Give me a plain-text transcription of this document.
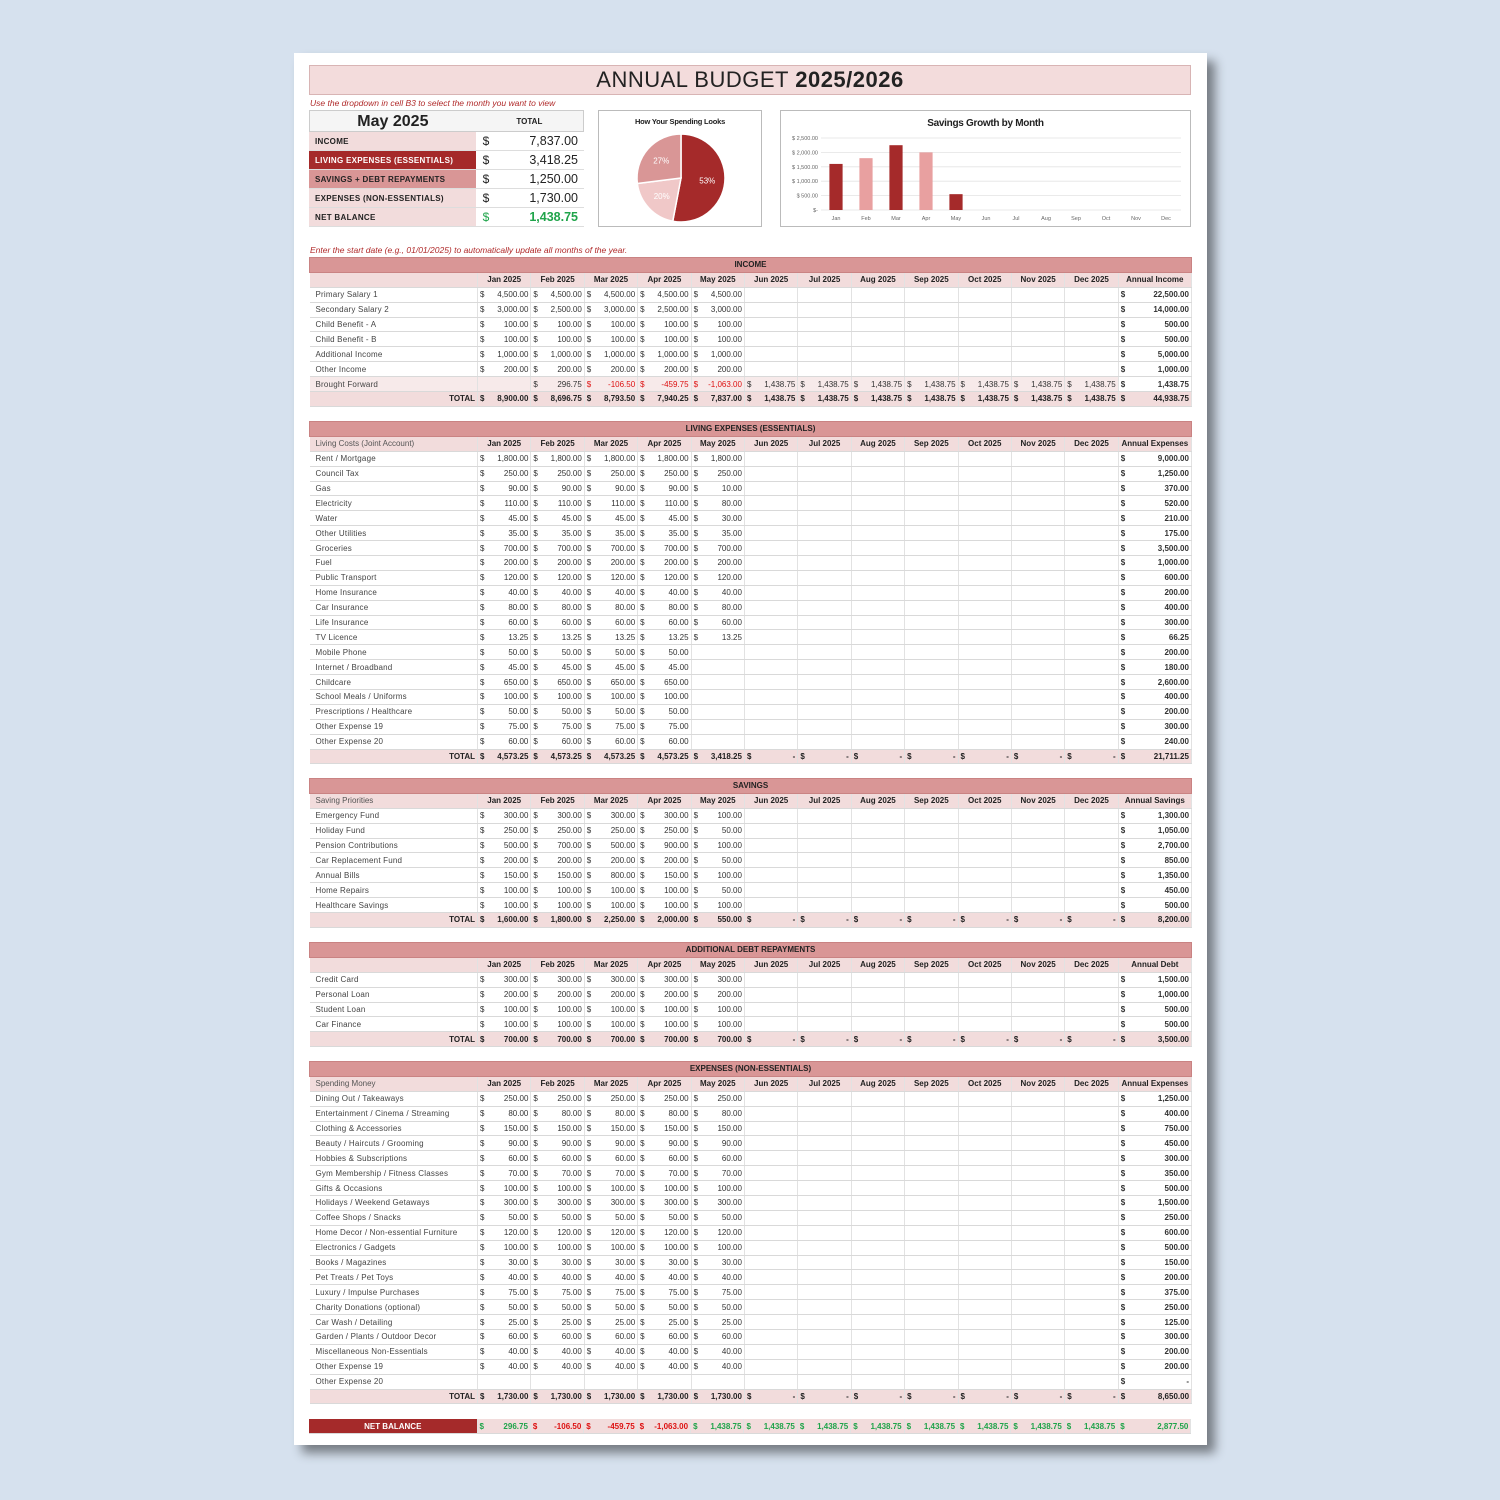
ANNUAL BUDGET 2025/2026
Use the dropdown in cell B3 to select the month you want to view
May 2025	TOTAL
INCOME	$	7,837.00
LIVING EXPENSES (ESSENTIALS)	$	3,418.25
SAVINGS + DEBT REPAYMENTS	$	1,250.00
EXPENSES (NON-ESSENTIALS)	$	1,730.00
NET BALANCE	$	1,438.75
How Your Spending Looks
53%
20%
27%
Savings Growth by Month
$ 2,500.00
$ 2,000.00
$ 1,500.00
$ 1,000.00
$ 500.00
$-
Jan	Feb	Mar	Apr	May	Jun	Jul	Aug	Sep	Oct	Nov	Dec
Enter the start date (e.g., 01/01/2025) to automatically update all months of the year.
INCOME													
	Jan 2025	Feb 2025	Mar 2025	Apr 2025	May 2025	Jun 2025	Jul 2025	Aug 2025	Sep 2025	Oct 2025	Nov 2025	Dec 2025	Annual Income
Primary Salary 1	$ 4,500.00	$ 4,500.00	$ 4,500.00	$ 4,500.00	$ 4,500.00								$ 22,500.00

Secondary Salary 2	$ 3,000.00	$ 2,500.00	$ 3,000.00	$ 2,500.00	$ 3,000.00								$ 14,000.00

Child Benefit - A	$ 100.00	$ 100.00	$ 100.00	$ 100.00	$ 100.00								$ 500.00

Child Benefit - B	$ 100.00	$ 100.00	$ 100.00	$ 100.00	$ 100.00								$ 500.00

Additional Income	$ 1,000.00	$ 1,000.00	$ 1,000.00	$ 1,000.00	$ 1,000.00								$ 5,000.00

Other Income	$ 200.00	$ 200.00	$ 200.00	$ 200.00	$ 200.00								$ 1,000.00

Brought Forward		$ 296.75	$ -106.50	$ -459.75	$ -1,063.00	$ 1,438.75	$ 1,438.75	$ 1,438.75	$ 1,438.75	$ 1,438.75	$ 1,438.75	$ 1,438.75	$ 1,438.75

TOTAL	$ 8,900.00	$ 8,696.75	$ 8,793.50	$ 7,940.25	$ 7,837.00	$ 1,438.75	$ 1,438.75	$ 1,438.75	$ 1,438.75	$ 1,438.75	$ 1,438.75	$ 1,438.75	$ 44,938.75
LIVING EXPENSES (ESSENTIALS)													
Living Costs (Joint Account)	Jan 2025	Feb 2025	Mar 2025	Apr 2025	May 2025	Jun 2025	Jul 2025	Aug 2025	Sep 2025	Oct 2025	Nov 2025	Dec 2025	Annual Expenses
Rent / Mortgage	$ 1,800.00	$ 1,800.00	$ 1,800.00	$ 1,800.00	$ 1,800.00								$ 9,000.00

Council Tax	$ 250.00	$ 250.00	$ 250.00	$ 250.00	$ 250.00								$ 1,250.00

Gas	$ 90.00	$ 90.00	$ 90.00	$ 90.00	$ 10.00								$ 370.00

Electricity	$ 110.00	$ 110.00	$ 110.00	$ 110.00	$ 80.00								$ 520.00

Water	$ 45.00	$ 45.00	$ 45.00	$ 45.00	$ 30.00								$ 210.00

Other Utilities	$ 35.00	$ 35.00	$ 35.00	$ 35.00	$ 35.00								$ 175.00

Groceries	$ 700.00	$ 700.00	$ 700.00	$ 700.00	$ 700.00								$ 3,500.00

Fuel	$ 200.00	$ 200.00	$ 200.00	$ 200.00	$ 200.00								$ 1,000.00

Public Transport	$ 120.00	$ 120.00	$ 120.00	$ 120.00	$ 120.00								$ 600.00

Home Insurance	$ 40.00	$ 40.00	$ 40.00	$ 40.00	$ 40.00								$ 200.00

Car Insurance	$ 80.00	$ 80.00	$ 80.00	$ 80.00	$ 80.00								$ 400.00

Life Insurance	$ 60.00	$ 60.00	$ 60.00	$ 60.00	$ 60.00								$ 300.00

TV Licence	$ 13.25	$ 13.25	$ 13.25	$ 13.25	$ 13.25								$ 66.25

Mobile Phone	$ 50.00	$ 50.00	$ 50.00	$ 50.00									$ 200.00

Internet / Broadband	$ 45.00	$ 45.00	$ 45.00	$ 45.00									$ 180.00

Childcare	$ 650.00	$ 650.00	$ 650.00	$ 650.00									$ 2,600.00

School Meals / Uniforms	$ 100.00	$ 100.00	$ 100.00	$ 100.00									$ 400.00

Prescriptions / Healthcare	$ 50.00	$ 50.00	$ 50.00	$ 50.00									$ 200.00

Other Expense 19	$ 75.00	$ 75.00	$ 75.00	$ 75.00									$ 300.00

Other Expense 20	$ 60.00	$ 60.00	$ 60.00	$ 60.00									$ 240.00

TOTAL	$ 4,573.25	$ 4,573.25	$ 4,573.25	$ 4,573.25	$ 3,418.25	$ -	$ -	$ -	$ -	$ -	$ -	$ -	$ 21,711.25
SAVINGS													
Saving Priorities	Jan 2025	Feb 2025	Mar 2025	Apr 2025	May 2025	Jun 2025	Jul 2025	Aug 2025	Sep 2025	Oct 2025	Nov 2025	Dec 2025	Annual Savings
Emergency Fund	$ 300.00	$ 300.00	$ 300.00	$ 300.00	$ 100.00								$ 1,300.00

Holiday Fund	$ 250.00	$ 250.00	$ 250.00	$ 250.00	$ 50.00								$ 1,050.00

Pension Contributions	$ 500.00	$ 700.00	$ 500.00	$ 900.00	$ 100.00								$ 2,700.00

Car Replacement Fund	$ 200.00	$ 200.00	$ 200.00	$ 200.00	$ 50.00								$ 850.00

Annual Bills	$ 150.00	$ 150.00	$ 800.00	$ 150.00	$ 100.00								$ 1,350.00

Home Repairs	$ 100.00	$ 100.00	$ 100.00	$ 100.00	$ 50.00								$ 450.00

Healthcare Savings	$ 100.00	$ 100.00	$ 100.00	$ 100.00	$ 100.00								$ 500.00

TOTAL	$ 1,600.00	$ 1,800.00	$ 2,250.00	$ 2,000.00	$ 550.00	$ -	$ -	$ -	$ -	$ -	$ -	$ -	$ 8,200.00
ADDITIONAL DEBT REPAYMENTS													
	Jan 2025	Feb 2025	Mar 2025	Apr 2025	May 2025	Jun 2025	Jul 2025	Aug 2025	Sep 2025	Oct 2025	Nov 2025	Dec 2025	Annual Debt
Credit Card	$ 300.00	$ 300.00	$ 300.00	$ 300.00	$ 300.00								$ 1,500.00

Personal Loan	$ 200.00	$ 200.00	$ 200.00	$ 200.00	$ 200.00								$ 1,000.00

Student Loan	$ 100.00	$ 100.00	$ 100.00	$ 100.00	$ 100.00								$ 500.00

Car Finance	$ 100.00	$ 100.00	$ 100.00	$ 100.00	$ 100.00								$ 500.00

TOTAL	$ 700.00	$ 700.00	$ 700.00	$ 700.00	$ 700.00	$ -	$ -	$ -	$ -	$ -	$ -	$ -	$ 3,500.00
EXPENSES (NON-ESSENTIALS)													
Spending Money	Jan 2025	Feb 2025	Mar 2025	Apr 2025	May 2025	Jun 2025	Jul 2025	Aug 2025	Sep 2025	Oct 2025	Nov 2025	Dec 2025	Annual Expenses
Dining Out / Takeaways	$ 250.00	$ 250.00	$ 250.00	$ 250.00	$ 250.00								$ 1,250.00

Entertainment / Cinema / Streaming	$ 80.00	$ 80.00	$ 80.00	$ 80.00	$ 80.00								$ 400.00

Clothing & Accessories	$ 150.00	$ 150.00	$ 150.00	$ 150.00	$ 150.00								$ 750.00

Beauty / Haircuts / Grooming	$ 90.00	$ 90.00	$ 90.00	$ 90.00	$ 90.00								$ 450.00

Hobbies & Subscriptions	$ 60.00	$ 60.00	$ 60.00	$ 60.00	$ 60.00								$ 300.00

Gym Membership / Fitness Classes	$ 70.00	$ 70.00	$ 70.00	$ 70.00	$ 70.00								$ 350.00

Gifts & Occasions	$ 100.00	$ 100.00	$ 100.00	$ 100.00	$ 100.00								$ 500.00

Holidays / Weekend Getaways	$ 300.00	$ 300.00	$ 300.00	$ 300.00	$ 300.00								$ 1,500.00

Coffee Shops / Snacks	$ 50.00	$ 50.00	$ 50.00	$ 50.00	$ 50.00								$ 250.00

Home Decor / Non-essential Furniture	$ 120.00	$ 120.00	$ 120.00	$ 120.00	$ 120.00								$ 600.00

Electronics / Gadgets	$ 100.00	$ 100.00	$ 100.00	$ 100.00	$ 100.00								$ 500.00

Books / Magazines	$ 30.00	$ 30.00	$ 30.00	$ 30.00	$ 30.00								$ 150.00

Pet Treats / Pet Toys	$ 40.00	$ 40.00	$ 40.00	$ 40.00	$ 40.00								$ 200.00

Luxury / Impulse Purchases	$ 75.00	$ 75.00	$ 75.00	$ 75.00	$ 75.00								$ 375.00

Charity Donations (optional)	$ 50.00	$ 50.00	$ 50.00	$ 50.00	$ 50.00								$ 250.00

Car Wash / Detailing	$ 25.00	$ 25.00	$ 25.00	$ 25.00	$ 25.00								$ 125.00

Garden / Plants / Outdoor Decor	$ 60.00	$ 60.00	$ 60.00	$ 60.00	$ 60.00								$ 300.00

Miscellaneous Non-Essentials	$ 40.00	$ 40.00	$ 40.00	$ 40.00	$ 40.00								$ 200.00

Other Expense 19	$ 40.00	$ 40.00	$ 40.00	$ 40.00	$ 40.00								$ 200.00

Other Expense 20													$ -

TOTAL	$ 1,730.00	$ 1,730.00	$ 1,730.00	$ 1,730.00	$ 1,730.00	$ -	$ -	$ -	$ -	$ -	$ -	$ -	$ 8,650.00
NET BALANCE	$ 296.75	$ -106.50	$ -459.75	$ -1,063.00	$ 1,438.75	$ 1,438.75	$ 1,438.75	$ 1,438.75	$ 1,438.75	$ 1,438.75	$ 1,438.75	$ 1,438.75	$	2,877.50
